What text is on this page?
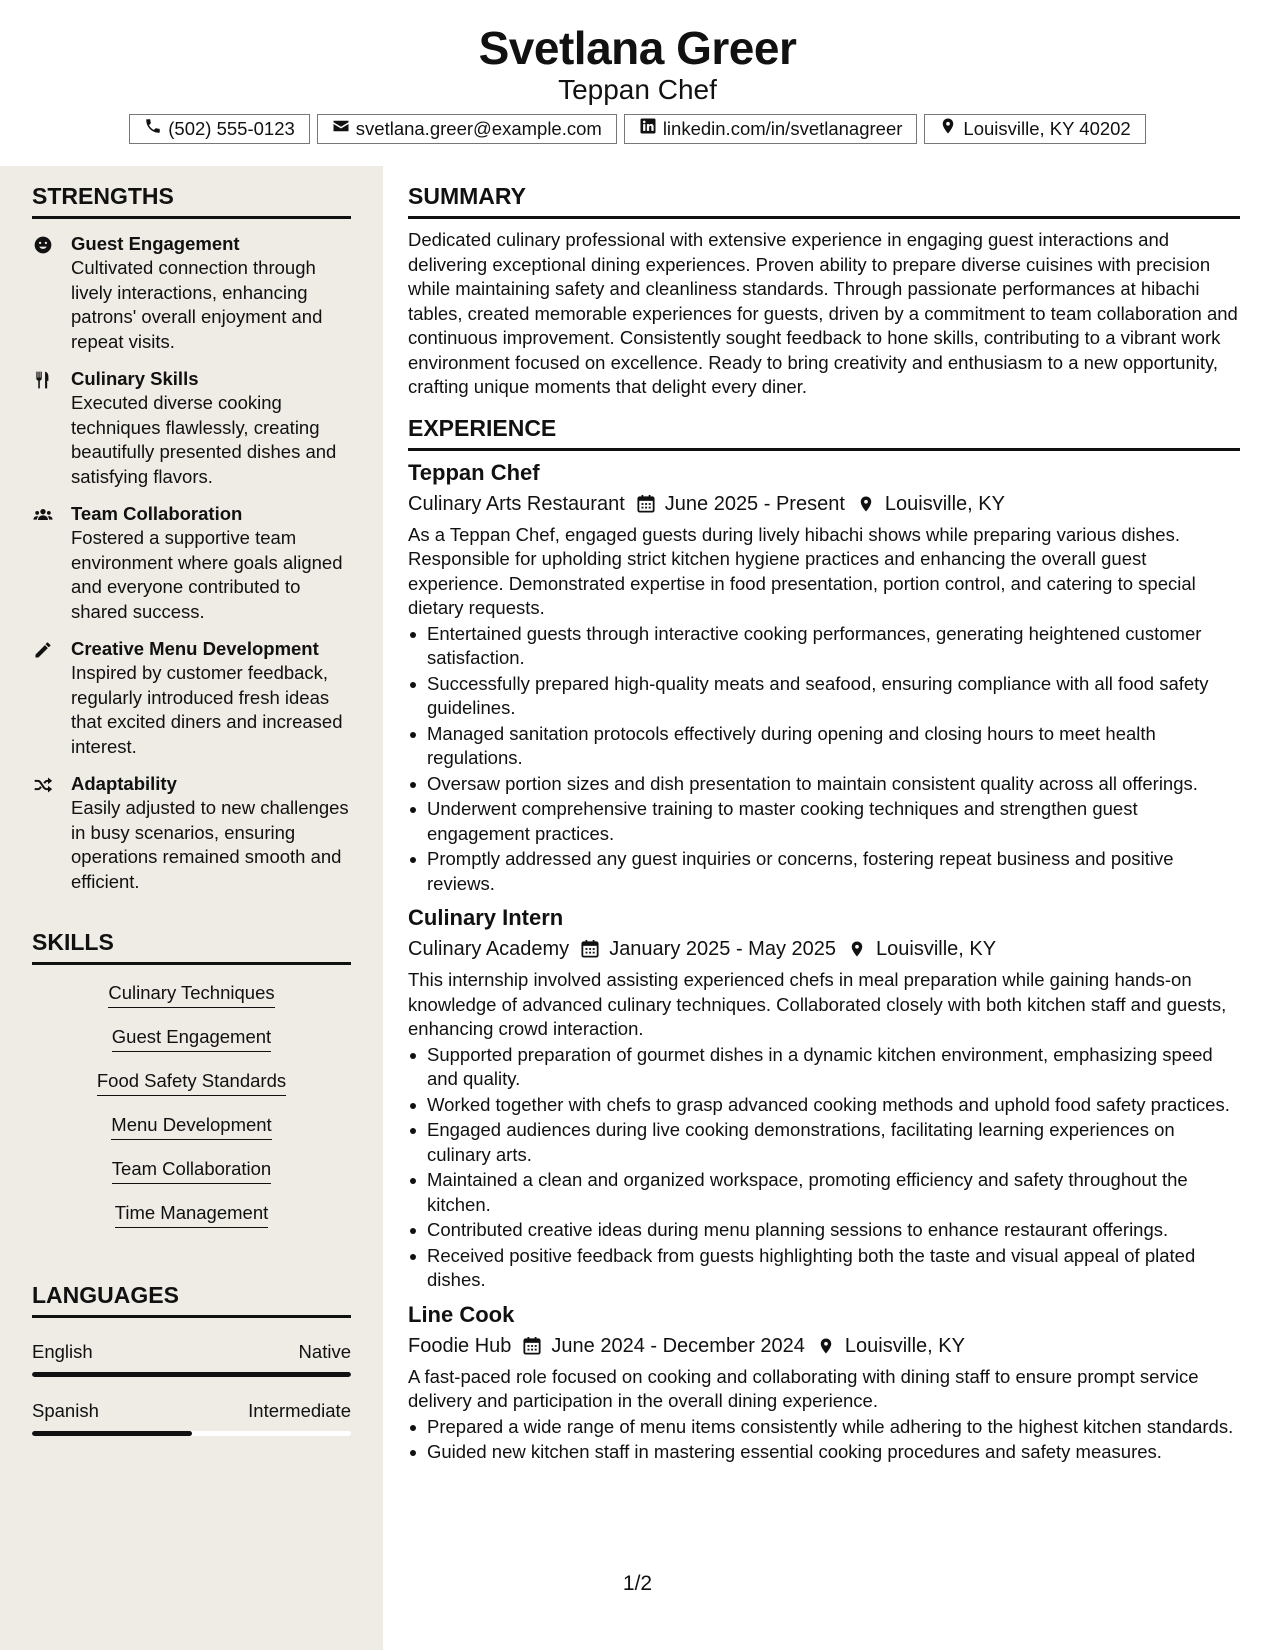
Svetlana Greer
Teppan Chef
(502) 555-0123	svetlana.greer@example.com	linkedin.com/in/svetlanagreer	Louisville, KY 40202
STRENGTHS
Guest Engagement
Cultivated connection through lively interactions, enhancing patrons' overall enjoyment and repeat visits.
Culinary Skills
Executed diverse cooking techniques flawlessly, creating beautifully presented dishes and satisfying flavors.
Team Collaboration
Fostered a supportive team environment where goals aligned and everyone contributed to shared success.
Creative Menu Development
Inspired by customer feedback, regularly introduced fresh ideas that excited diners and increased interest.
Adaptability
Easily adjusted to new challenges in busy scenarios, ensuring operations remained smooth and efficient.
SKILLS
Culinary Techniques
Guest Engagement
Food Safety Standards
Menu Development
Team Collaboration
Time Management
LANGUAGES
English	Native
Spanish	Intermediate
SUMMARY
Dedicated culinary professional with extensive experience in engaging guest interactions and delivering exceptional dining experiences. Proven ability to prepare diverse cuisines with precision while maintaining safety and cleanliness standards. Through passionate performances at hibachi tables, created memorable experiences for guests, driven by a commitment to team collaboration and continuous improvement. Consistently sought feedback to hone skills, contributing to a vibrant work environment focused on excellence. Ready to bring creativity and enthusiasm to a new opportunity, crafting unique moments that delight every diner.
EXPERIENCE
Teppan Chef
Culinary Arts Restaurant June 2025 - Present Louisville, KY
As a Teppan Chef, engaged guests during lively hibachi shows while preparing various dishes. Responsible for upholding strict kitchen hygiene practices and enhancing the overall guest experience. Demonstrated expertise in food presentation, portion control, and catering to special dietary requests.
Entertained guests through interactive cooking performances, generating heightened customer satisfaction.
Successfully prepared high-quality meats and seafood, ensuring compliance with all food safety guidelines.
Managed sanitation protocols effectively during opening and closing hours to meet health regulations.
Oversaw portion sizes and dish presentation to maintain consistent quality across all offerings.
Underwent comprehensive training to master cooking techniques and strengthen guest engagement practices.
Promptly addressed any guest inquiries or concerns, fostering repeat business and positive reviews.
Culinary Intern
Culinary Academy January 2025 - May 2025 Louisville, KY
This internship involved assisting experienced chefs in meal preparation while gaining hands-on knowledge of advanced culinary techniques. Collaborated closely with both kitchen staff and guests, enhancing crowd interaction.
Supported preparation of gourmet dishes in a dynamic kitchen environment, emphasizing speed and quality.
Worked together with chefs to grasp advanced cooking methods and uphold food safety practices.
Engaged audiences during live cooking demonstrations, facilitating learning experiences on culinary arts.
Maintained a clean and organized workspace, promoting efficiency and safety throughout the kitchen.
Contributed creative ideas during menu planning sessions to enhance restaurant offerings.
Received positive feedback from guests highlighting both the taste and visual appeal of plated dishes.
Line Cook
Foodie Hub June 2024 - December 2024 Louisville, KY
A fast-paced role focused on cooking and collaborating with dining staff to ensure prompt service delivery and participation in the overall dining experience.
Prepared a wide range of menu items consistently while adhering to the highest kitchen standards.
Guided new kitchen staff in mastering essential cooking procedures and safety measures.
1/2
